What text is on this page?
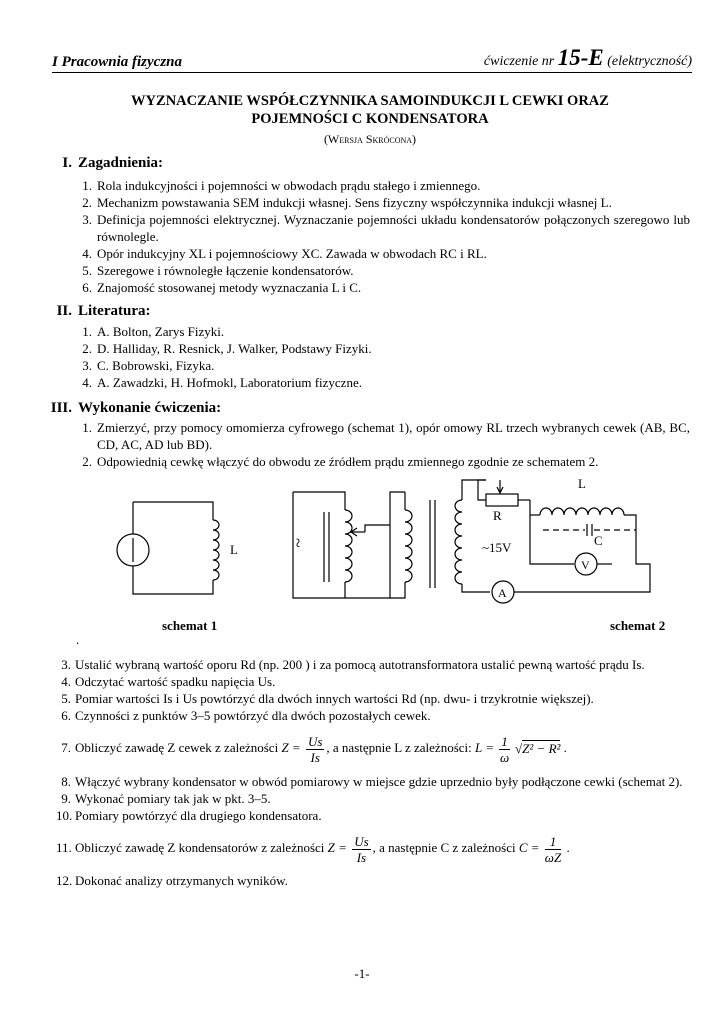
I Pracownia fizyczna	ćwiczenie nr 15-E (elektryczność)
WYZNACZANIE WSPÓŁCZYNNIKA SAMOINDUKCJI L CEWKI ORAZ
POJEMNOŚCI C KONDENSATORA
(Wersja Skrócona)
I. Zagadnienia:
1. Rola indukcyjności i pojemności w obwodach prądu stałego i zmiennego.
2. Mechanizm powstawania SEM indukcji własnej. Sens fizyczny współczynnika indukcji własnej L.
3. Definicja pojemności elektrycznej. Wyznaczanie pojemności układu kondensatorów połączonych szeregowo lub równolegle.
4. Opór indukcyjny XL i pojemnościowy XC. Zawada w obwodach RC i RL.
5. Szeregowe i równoległe łączenie kondensatorów.
6. Znajomość stosowanej metody wyznaczania L i C.
II. Literatura:
1. A. Bolton, Zarys Fizyki.
2. D. Halliday, R. Resnick, J. Walker, Podstawy Fizyki.
3. C. Bobrowski, Fizyka.
4. A. Zawadzki, H. Hofmokl, Laboratorium fizyczne.
III. Wykonanie ćwiczenia:
1. Zmierzyć, przy pomocy omomierza cyfrowego (schemat 1), opór omowy RL trzech wybranych cewek (AB, BC, CD, AC, AD lub BD).
2. Odpowiednią cewkę włączyć do obwodu ze źródłem prądu zmiennego zgodnie ze schematem 2.
L	~
R
~15V
A
L
C
V
schemat 1	schemat 2
.
3. Ustalić wybraną wartość oporu Rd (np. 200 ) i za pomocą autotransformatora ustalić pewną wartość prądu Is.
4. Odczytać wartość spadku napięcia Us.
5. Pomiar wartości Is i Us powtórzyć dla dwóch innych wartości Rd (np. dwu- i trzykrotnie większej).
6. Czynności z punktów 3–5 powtórzyć dla dwóch pozostałych cewek.
7. Obliczyć zawadę Z cewek z zależności $Z = \frac{Us}{Is}$ , a następnie L z zależności: $L = \frac{1}{\omega} √Z^2 - R^2$ .
8. Włączyć wybrany kondensator w obwód pomiarowy w miejsce gdzie uprzednio były podłączone cewki (schemat 2).
9. Wykonać pomiary tak jak w pkt. 3–5.
10. Pomiary powtórzyć dla drugiego kondensatora.
11. Obliczyć zawadę Z kondensatorów z zależności $Z = \frac{Us}{Is}$ , a następnie C z zależności $C = \frac{1}{\omega Z}$ .
12. Dokonać analizy otrzymanych wyników.
-1-
